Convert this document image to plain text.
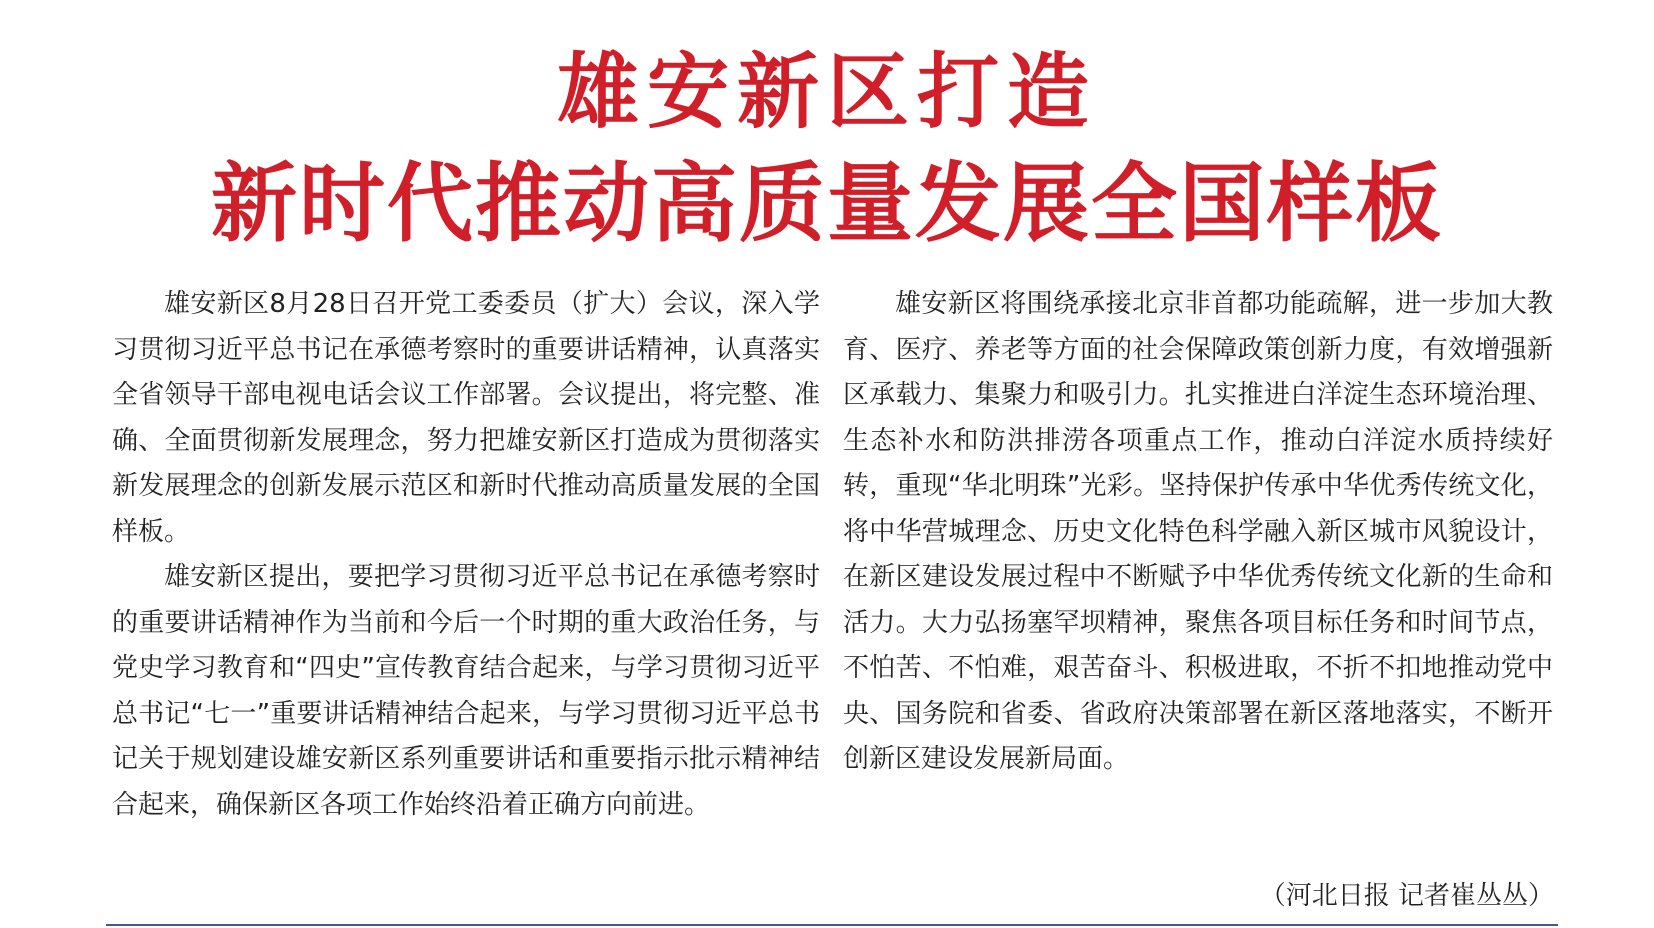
雄安新区打造
新时代推动高质量发展全国样板

雄安新区8月28日召开党工委委员（扩大）会议，深入学习贯彻习近平总书记在承德考察时的重要讲话精神，认真落实全省领导干部电视电话会议工作部署。会议提出，将完整、准确、全面贯彻新发展理念，努力把雄安新区打造成为贯彻落实新发展理念的创新发展示范区和新时代推动高质量发展的全国样板。

雄安新区提出，要把学习贯彻习近平总书记在承德考察时的重要讲话精神作为当前和今后一个时期的重大政治任务，与党史学习教育和“四史”宣传教育结合起来，与学习贯彻习近平总书记“七一”重要讲话精神结合起来，与学习贯彻习近平总书记关于规划建设雄安新区系列重要讲话和重要指示批示精神结合起来，确保新区各项工作始终沿着正确方向前进。

雄安新区将围绕承接北京非首都功能疏解，进一步加大教育、医疗、养老等方面的社会保障政策创新力度，有效增强新区承载力、集聚力和吸引力。扎实推进白洋淀生态环境治理、生态补水和防洪排涝各项重点工作，推动白洋淀水质持续好转，重现“华北明珠”光彩。坚持保护传承中华优秀传统文化，将中华营城理念、历史文化特色科学融入新区城市风貌设计，在新区建设发展过程中不断赋予中华优秀传统文化新的生命和活力。大力弘扬塞罕坝精神，聚焦各项目标任务和时间节点，不怕苦、不怕难，艰苦奋斗、积极进取，不折不扣地推动党中央、国务院和省委、省政府决策部署在新区落地落实，不断开创新区建设发展新局面。

（河北日报 记者崔丛丛）
